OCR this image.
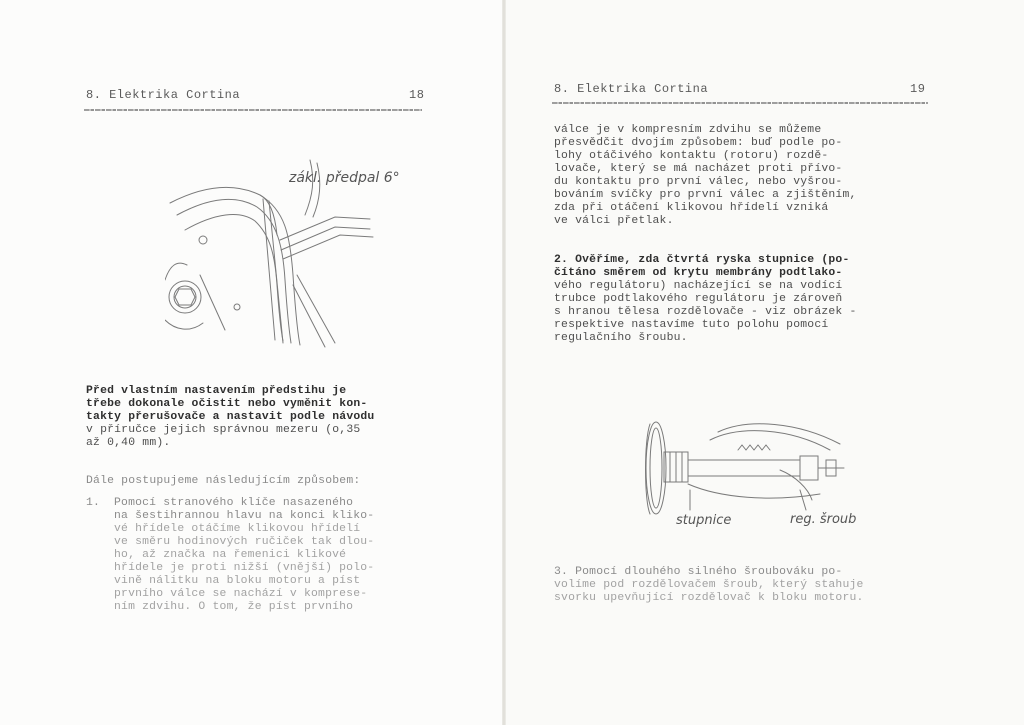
8. Elektrika Cortina	18
zákl. předpal 6°
Před vlastním nastavením předstihu je
třebe dokonale očistit nebo vyměnit kon-
takty přerušovače a nastavit podle návodu
v příručce jejich správnou mezeru (o,35
až 0,40 mm).
Dále postupujeme následujícím způsobem:
1. Pomocí stranového klíče nasazeného
na šestihrannou hlavu na konci kliko-
vé hřídele otáčíme klikovou hřídelí
ve směru hodinových ručiček tak dlou-
ho, až značka na řemenici klikové
hřídele je proti nižší (vnější) polo-
vině nálitku na bloku motoru a píst
prvního válce se nachází v komprese-
ním zdvihu. O tom, že píst prvního
8. Elektrika Cortina	19
válce je v kompresním zdvihu se můžeme
přesvědčit dvojím způsobem: buď podle po-
lohy otáčivého kontaktu (rotoru) rozdě-
lovače, který se má nacházet proti přívo-
du kontaktu pro první válec, nebo vyšrou-
bováním svíčky pro první válec a zjištěním,
zda při otáčení klikovou hřídelí vzniká
ve válci přetlak.
2. Ověříme, zda čtvrtá ryska stupnice (po-
čítáno směrem od krytu membrány podtlako-
vého regulátoru) nacházející se na vodící
trubce podtlakového regulátoru je zároveň
s hranou tělesa rozdělovače - viz obrázek -
respektive nastavíme tuto polohu pomocí
regulačního šroubu.
stupnice	reg. šroub
3. Pomocí dlouhého silného šroubováku po-
volíme pod rozdělovačem šroub, který stahuje
svorku upevňující rozdělovač k bloku motoru.
